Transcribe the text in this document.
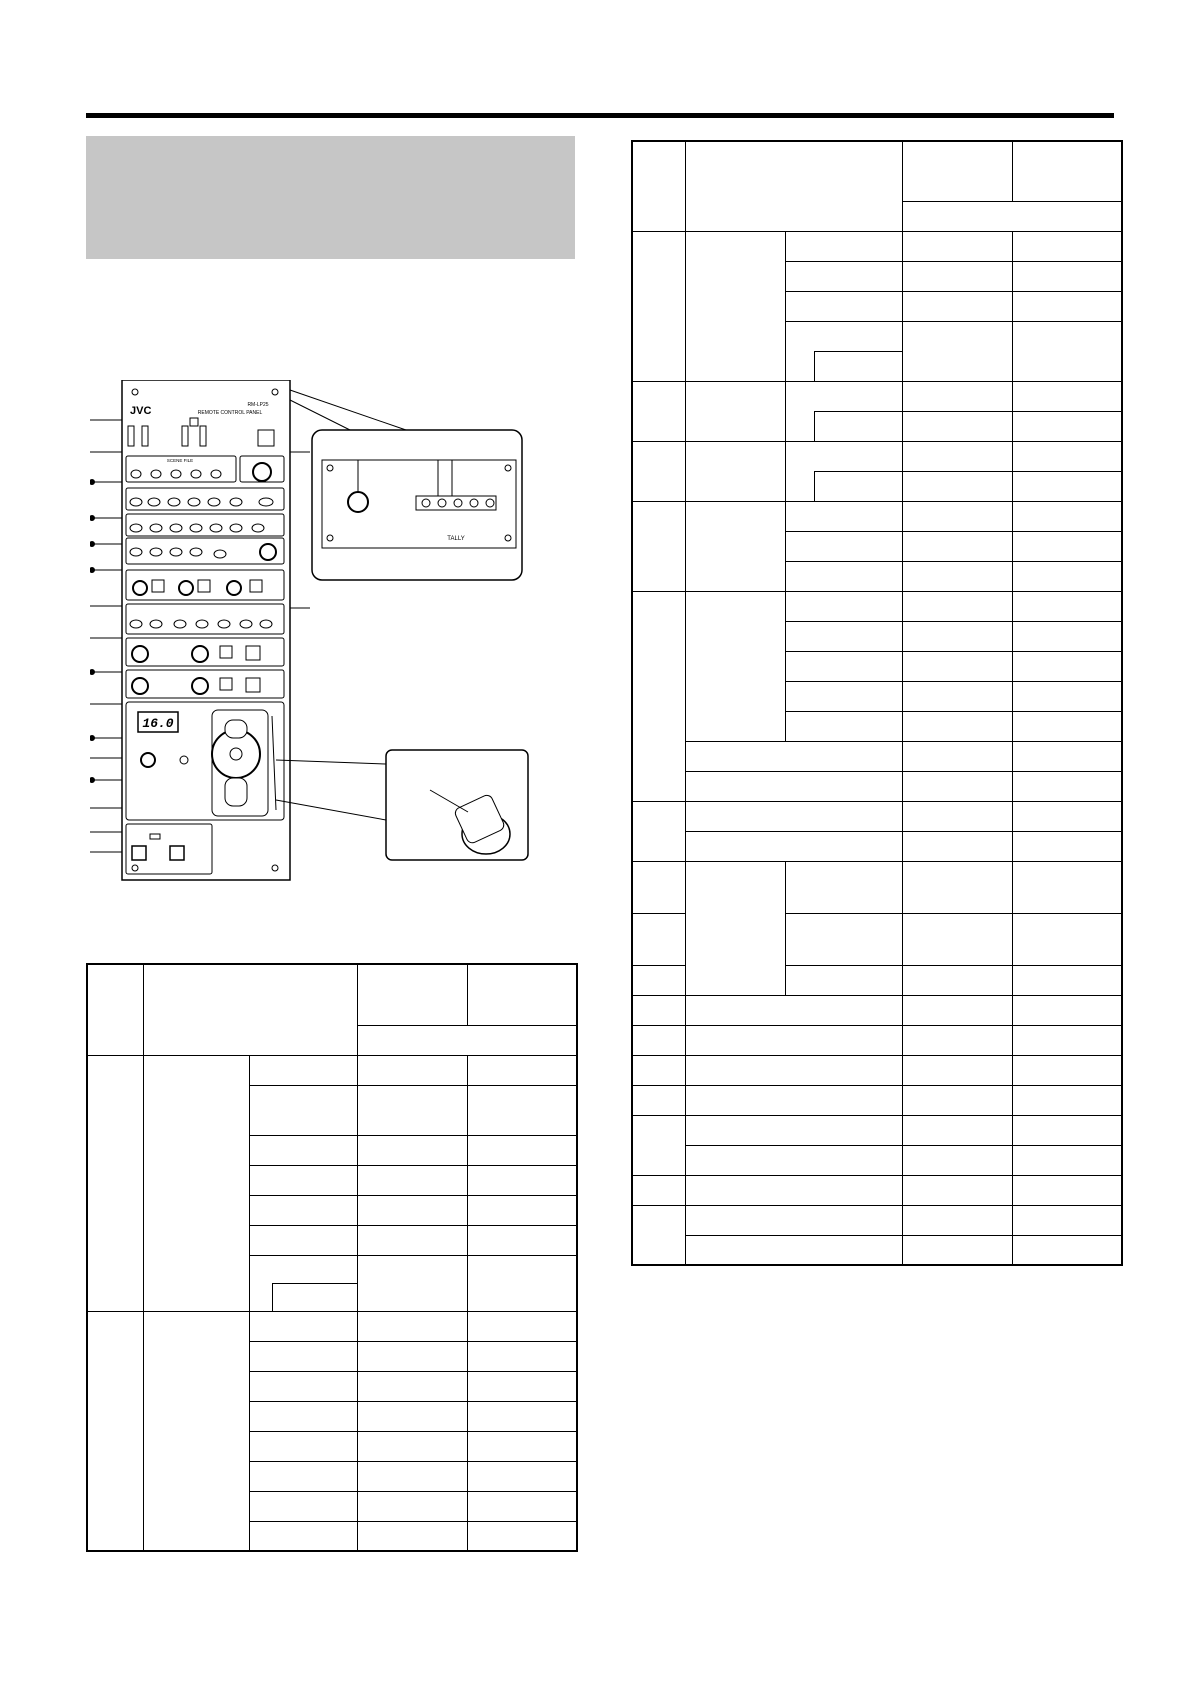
JVC	RM-LP25
REMOTE CONTROL PANEL
SCENE FILE
16.0
TALLY
